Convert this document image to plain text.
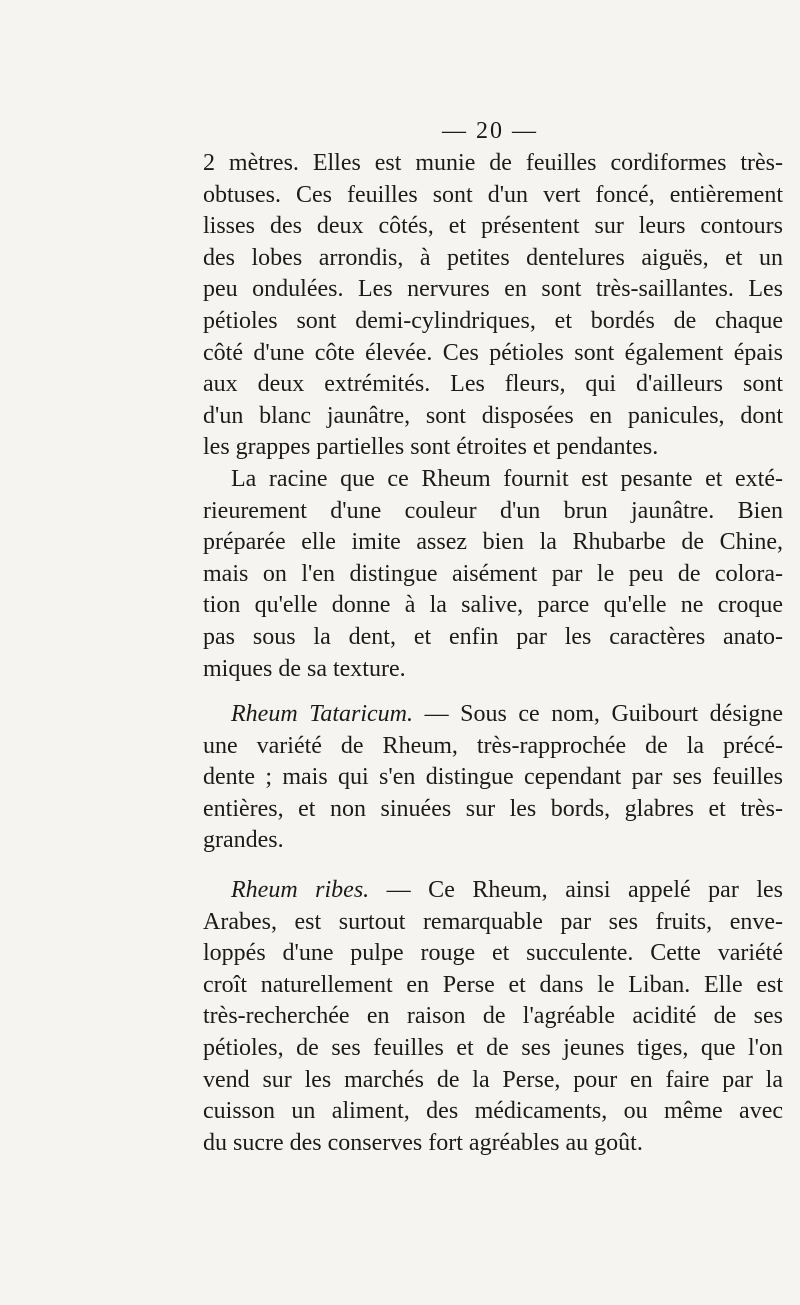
— 20 —
2 mètres. Elles est munie de feuilles cordiformes très-
obtuses. Ces feuilles sont d'un vert foncé, entièrement
lisses des deux côtés, et présentent sur leurs contours
des lobes arrondis, à petites dentelures aiguës, et un
peu ondulées. Les nervures en sont très-saillantes. Les
pétioles sont demi-cylindriques, et bordés de chaque
côté d'une côte élevée. Ces pétioles sont également épais
aux deux extrémités. Les fleurs, qui d'ailleurs sont
d'un blanc jaunâtre, sont disposées en panicules, dont
les grappes partielles sont étroites et pendantes.
La racine que ce Rheum fournit est pesante et exté-
rieurement d'une couleur d'un brun jaunâtre. Bien
préparée elle imite assez bien la Rhubarbe de Chine,
mais on l'en distingue aisément par le peu de colora-
tion qu'elle donne à la salive, parce qu'elle ne croque
pas sous la dent, et enfin par les caractères anato-
miques de sa texture.
Rheum Tataricum. — Sous ce nom, Guibourt désigne
une variété de Rheum, très-rapprochée de la précé-
dente ; mais qui s'en distingue cependant par ses feuilles
entières, et non sinuées sur les bords, glabres et très-
grandes.
Rheum ribes. — Ce Rheum, ainsi appelé par les
Arabes, est surtout remarquable par ses fruits, enve-
loppés d'une pulpe rouge et succulente. Cette variété
croît naturellement en Perse et dans le Liban. Elle est
très-recherchée en raison de l'agréable acidité de ses
pétioles, de ses feuilles et de ses jeunes tiges, que l'on
vend sur les marchés de la Perse, pour en faire par la
cuisson un aliment, des médicaments, ou même avec
du sucre des conserves fort agréables au goût.
